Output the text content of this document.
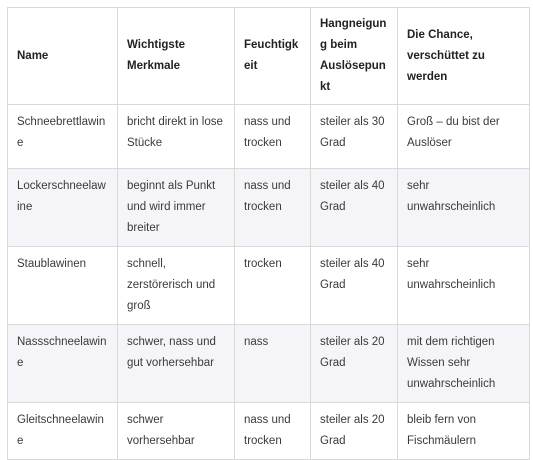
Name	Wichtigste Merkmale	Feuchtigkeit	Hangneigung beim Auslösepunkt	Die Chance, verschüttet zu werden
Schneebrettlawine	bricht direkt in lose Stücke	nass und trocken	steiler als 30 Grad	Groß – du bist der Auslöser
Lockerschneelawine	beginnt als Punkt und wird immer breiter	nass und trocken	steiler als 40 Grad	sehr unwahrscheinlich
Staublawinen	schnell, zerstörerisch und groß	trocken	steiler als 40 Grad	sehr unwahrscheinlich
Nassschneelawine	schwer, nass und gut vorhersehbar	nass	steiler als 20 Grad	mit dem richtigen Wissen sehr unwahrscheinlich
Gleitschneelawine	schwer vorhersehbar	nass und trocken	steiler als 20 Grad	bleib fern von Fischmäulern
